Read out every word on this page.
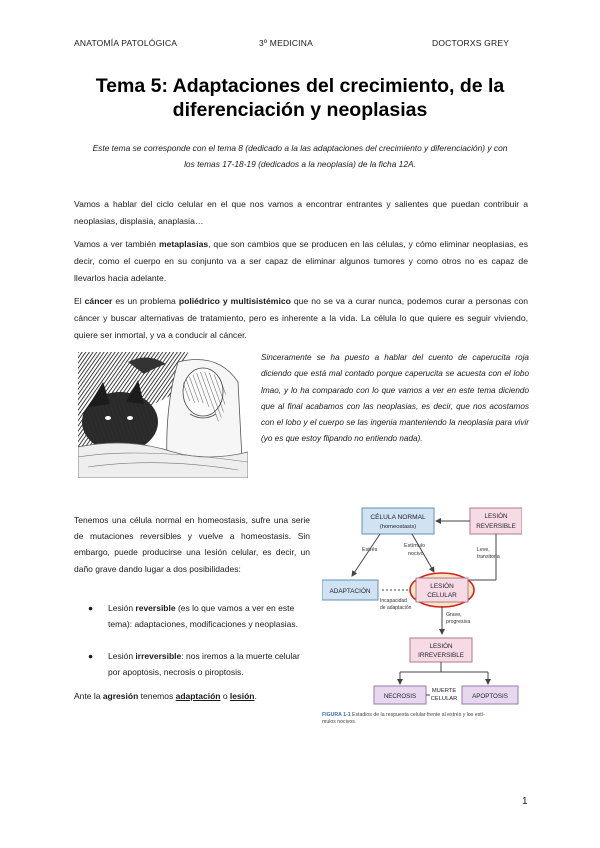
ANATOMÍA PATOLÓGICA	3º MEDICINA	DOCTORXS GREY
Tema 5: Adaptaciones del crecimiento, de la diferenciación y neoplasias
Este tema se corresponde con el tema 8 (dedicado a la las adaptaciones del crecimiento y diferenciación) y con los temas 17-18-19 (dedicados a la neoplasia) de la ficha 12A.
Vamos a hablar del ciclo celular en el que nos vamos a encontrar entrantes y salientes que puedan contribuir a neoplasias, displasia, anaplasia…
Vamos a ver también metaplasias, que son cambios que se producen en las células, y cómo eliminar neoplasias, es decir, como el cuerpo en su conjunto va a ser capaz de eliminar algunos tumores y como otros no es capaz de llevarlos hacia adelante.
El cáncer es un problema poliédrico y multisistémico que no se va a curar nunca, podemos curar a personas con cáncer y buscar alternativas de tratamiento, pero es inherente a la vida. La célula lo que quiere es seguir viviendo, quiere ser inmortal, y va a conducir al cáncer.
Sinceramente se ha puesto a hablar del cuento de caperucita roja diciendo que está mal contado porque caperucita se acuesta con el lobo lmao, y lo ha comparado con lo que vamos a ver en este tema diciendo que al final acabamos con las neoplasias, es decir, que nos acostamos con el lobo y el cuerpo se las ingenia manteniendo la neoplasia para vivir (yo es que estoy flipando no entiendo nada).
Tenemos una célula normal en homeostasis, sufre una serie de mutaciones reversibles y vuelve a homeostasis. Sin embargo, puede producirse una lesión celular, es decir, un daño grave dando lugar a dos posibilidades:
● Lesión reversible (es lo que vamos a ver en este tema): adaptaciones, modificaciones y neoplasias.
● Lesión irreversible: nos iremos a la muerte celular por apoptosis, necrosis o piroptosis.
Ante la agresión tenemos adaptación o lesión.
CÉLULA NORMAL
(homeostasis)
LESIÓN
REVERSIBLE
Leve,
transitoria
Estrés
Estímulo
nocivo
ADAPTACIÓN
Incapacidad
de adaptación
LESIÓN
CELULAR
Grave,
progresiva
LESIÓN
IRREVERSIBLE
NECROSIS
MUERTE
CELULAR APOPTOSIS
FIGURA 1-1 Estadios de la respuesta celular frente al estrés y los estí-
mulos nocivos.
1
